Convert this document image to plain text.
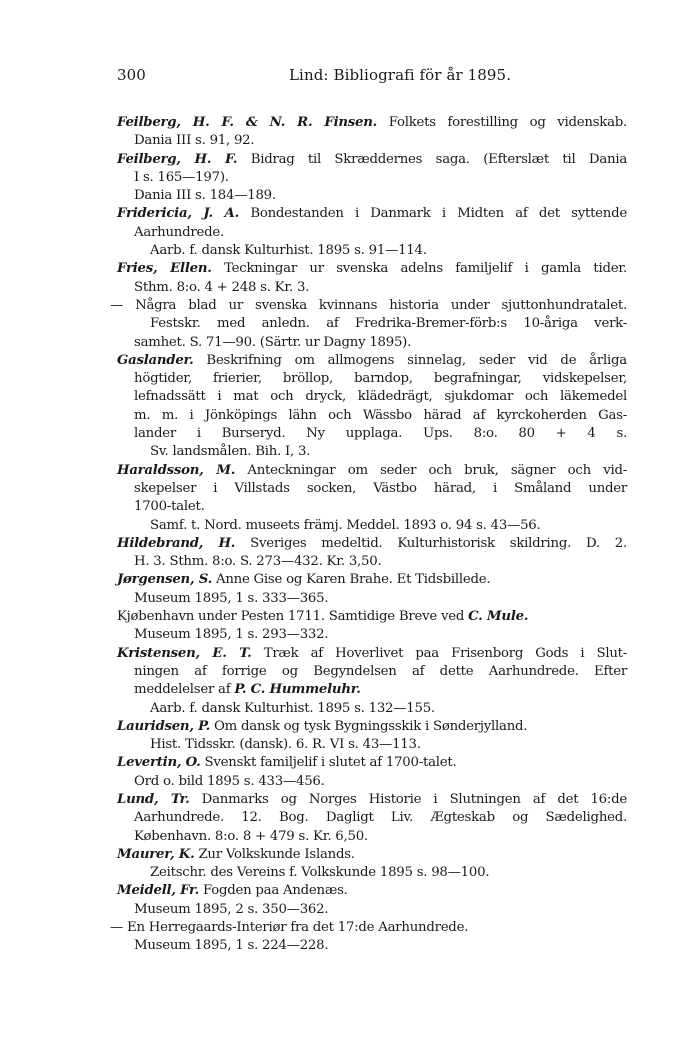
300	Lind: Bibliografi för år 1895.
Feilberg, H. F. & N. R. Finsen. Folkets forestilling og videnskab.
Dania III s. 91, 92.
Feilberg, H. F. Bidrag til Skræddernes saga. (Efterslæt til Dania
I s. 165—197).
Dania III s. 184—189.
Fridericia, J. A. Bondestanden i Danmark i Midten af det syttende
Aarhundrede.
Aarb. f. dansk Kulturhist. 1895 s. 91—114.
Fries, Ellen. Teckningar ur svenska adelns familjelif i gamla tider.
Sthm. 8:o. 4 + 248 s. Kr. 3.
— Några blad ur svenska kvinnans historia under sjuttonhundratalet.
Festskr. med anledn. af Fredrika-Bremer-förb:s 10-åriga verk-
samhet. S. 71—90. (Särtr. ur Dagny 1895).
Gaslander. Beskrifning om allmogens sinnelag, seder vid de årliga
högtider, frierier, bröllop, barndop, begrafningar, vidskepelser,
lefnadssätt i mat och dryck, klädedrägt, sjukdomar och läkemedel
m. m. i Jönköpings lähn och Wässbo härad af kyrckoherden Gas-
lander i Burseryd. Ny upplaga. Ups. 8:o. 80 + 4 s.
Sv. landsmålen. Bih. I, 3.
Haraldsson, M. Anteckningar om seder och bruk, sägner och vid-
skepelser i Villstads socken, Västbo härad, i Småland under
1700-talet.
Samf. t. Nord. museets främj. Meddel. 1893 o. 94 s. 43—56.
Hildebrand, H. Sveriges medeltid. Kulturhistorisk skildring. D. 2.
H. 3. Sthm. 8:o. S. 273—432. Kr. 3,50.
Jørgensen, S. Anne Gise og Karen Brahe. Et Tidsbillede.
Museum 1895, 1 s. 333—365.
Kjøbenhavn under Pesten 1711. Samtidige Breve ved C. Mule.
Museum 1895, 1 s. 293—332.
Kristensen, E. T. Træk af Hoverlivet paa Frisenborg Gods i Slut-
ningen af forrige og Begyndelsen af dette Aarhundrede. Efter
meddelelser af P. C. Hummeluhr.
Aarb. f. dansk Kulturhist. 1895 s. 132—155.
Lauridsen, P. Om dansk og tysk Bygningsskik i Sønderjylland.
Hist. Tidsskr. (dansk). 6. R. VI s. 43—113.
Levertin, O. Svenskt familjelif i slutet af 1700-talet.
Ord o. bild 1895 s. 433—456.
Lund, Tr. Danmarks og Norges Historie i Slutningen af det 16:de
Aarhundrede. 12. Bog. Dagligt Liv. Ægteskab og Sædelighed.
København. 8:o. 8 + 479 s. Kr. 6,50.
Maurer, K. Zur Volkskunde Islands.
Zeitschr. des Vereins f. Volkskunde 1895 s. 98—100.
Meidell, Fr. Fogden paa Andenæs.
Museum 1895, 2 s. 350—362.
— En Herregaards-Interiør fra det 17:de Aarhundrede.
Museum 1895, 1 s. 224—228.
